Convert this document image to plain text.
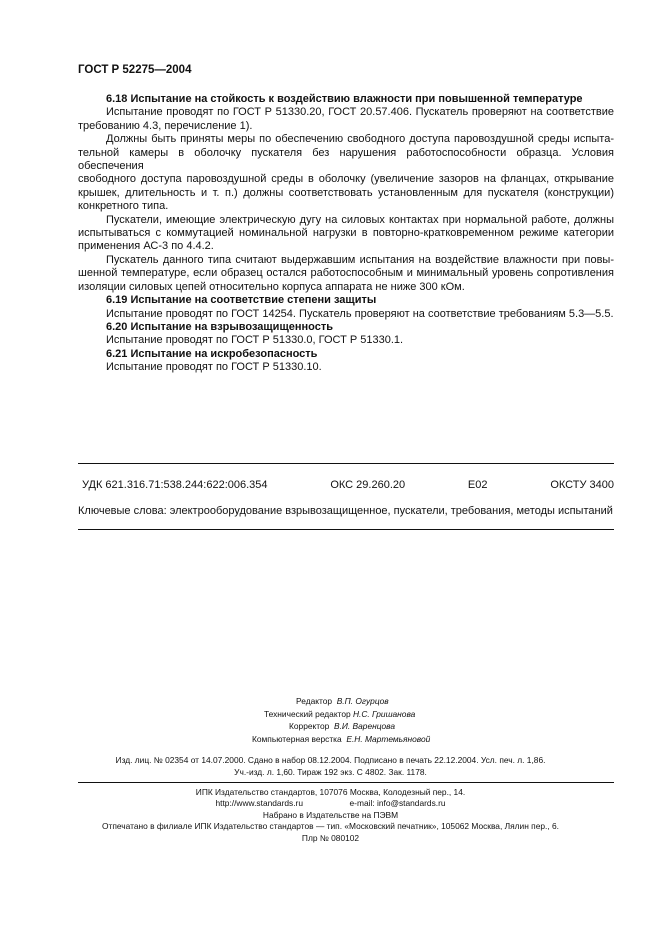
ГОСТ Р 52275—2004
6.18 Испытание на стойкость к воздействию влажности при повышенной температуре
Испытание проводят по ГОСТ Р 51330.20, ГОСТ 20.57.406. Пускатель проверяют на соответствие
требованию 4.3, перечисление 1).
Должны быть приняты меры по обеспечению свободного доступа паровоздушной среды испыта-
тельной камеры в оболочку пускателя без нарушения работоспособности образца. Условия обеспечения
свободного доступа паровоздушной среды в оболочку (увеличение зазоров на фланцах, открывание
крышек, длительность и т. п.) должны соответствовать установленным для пускателя (конструкции)
конкретного типа.
Пускатели, имеющие электрическую дугу на силовых контактах при нормальной работе, должны
испытываться с коммутацией номинальной нагрузки в повторно-кратковременном режиме категории
применения АС-3 по 4.4.2.
Пускатель данного типа считают выдержавшим испытания на воздействие влажности при повы-
шенной температуре, если образец остался работоспособным и минимальный уровень сопротивления
изоляции силовых цепей относительно корпуса аппарата не ниже 300 кОм.
6.19 Испытание на соответствие степени защиты
Испытание проводят по ГОСТ 14254. Пускатель проверяют на соответствие требованиям 5.3—5.5.
6.20 Испытание на взрывозащищенность
Испытание проводят по ГОСТ Р 51330.0, ГОСТ Р 51330.1.
6.21 Испытание на искробезопасность
Испытание проводят по ГОСТ Р 51330.10.
УДК 621.316.71:538.244:622:006.354	ОКС 29.260.20	Е02	ОКСТУ 3400
Ключевые слова: электрооборудование взрывозащищенное, пускатели, требования, методы испытаний
Редактор В.П. Огурцов
Технический редактор Н.С. Гришанова
Корректор В.И. Варенцова
Компьютерная верстка Е.Н. Мартемьяновой
Изд. лиц. № 02354 от 14.07.2000. Сдано в набор 08.12.2004. Подписано в печать 22.12.2004. Усл. печ. л. 1,86.
Уч.-изд. л. 1,60. Тираж 192 экз. С 4802. Зак. 1178.
ИПК Издательство стандартов, 107076 Москва, Колодезный пер., 14.
http://www.standards.ru                    e-mail: info@standards.ru
Набрано в Издательстве на ПЭВМ
Отпечатано в филиале ИПК Издательство стандартов — тип. «Московский печатник», 105062 Москва, Лялин пер., 6.
Плр № 080102
